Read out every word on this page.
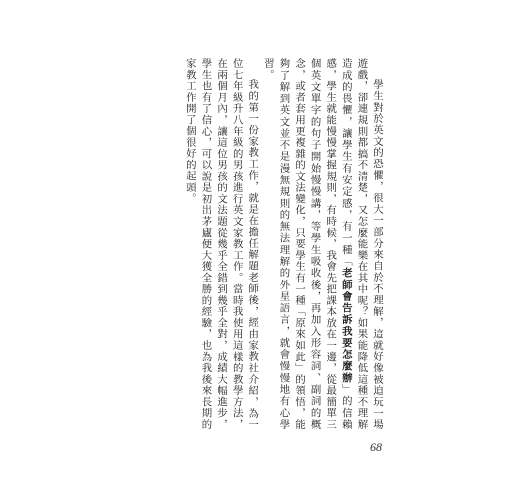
學生對於英文的恐懼，很大一部分來自於不理解，這就好像被迫玩一場遊戲，卻連規則都搞不清楚，又怎麼能樂在其中呢？如果能降低這種不理解造成的畏懼，讓學生有安定感，有一種「老師會告訴我要怎麼辦」的信賴感，學生就能慢慢掌握規則，有時候，我會先把課本放在一邊，從最簡單三個英文單字的句子開始慢慢講，等學生吸收後，再加入形容詞、副詞的概念，或者套用更複雜的文法變化，只要學生有一種「原來如此」的領悟，能夠了解到英文並不是漫無規則的無法理解的外星語言，就會慢慢地有心學習。

我的第一份家教工作，就是在擔任解題老師後，經由家教社介紹，為一位七年級升八年級的男孩進行英文家教工作。當時我使用這樣的教學方法，在兩個月內，讓這位男孩的文法題從幾乎全錯到幾乎全對，成績大幅進步，學生也有了信心，可以說是初出茅廬便大獲全勝的經驗，也為我後來長期的家教工作開了個很好的起頭。

68
